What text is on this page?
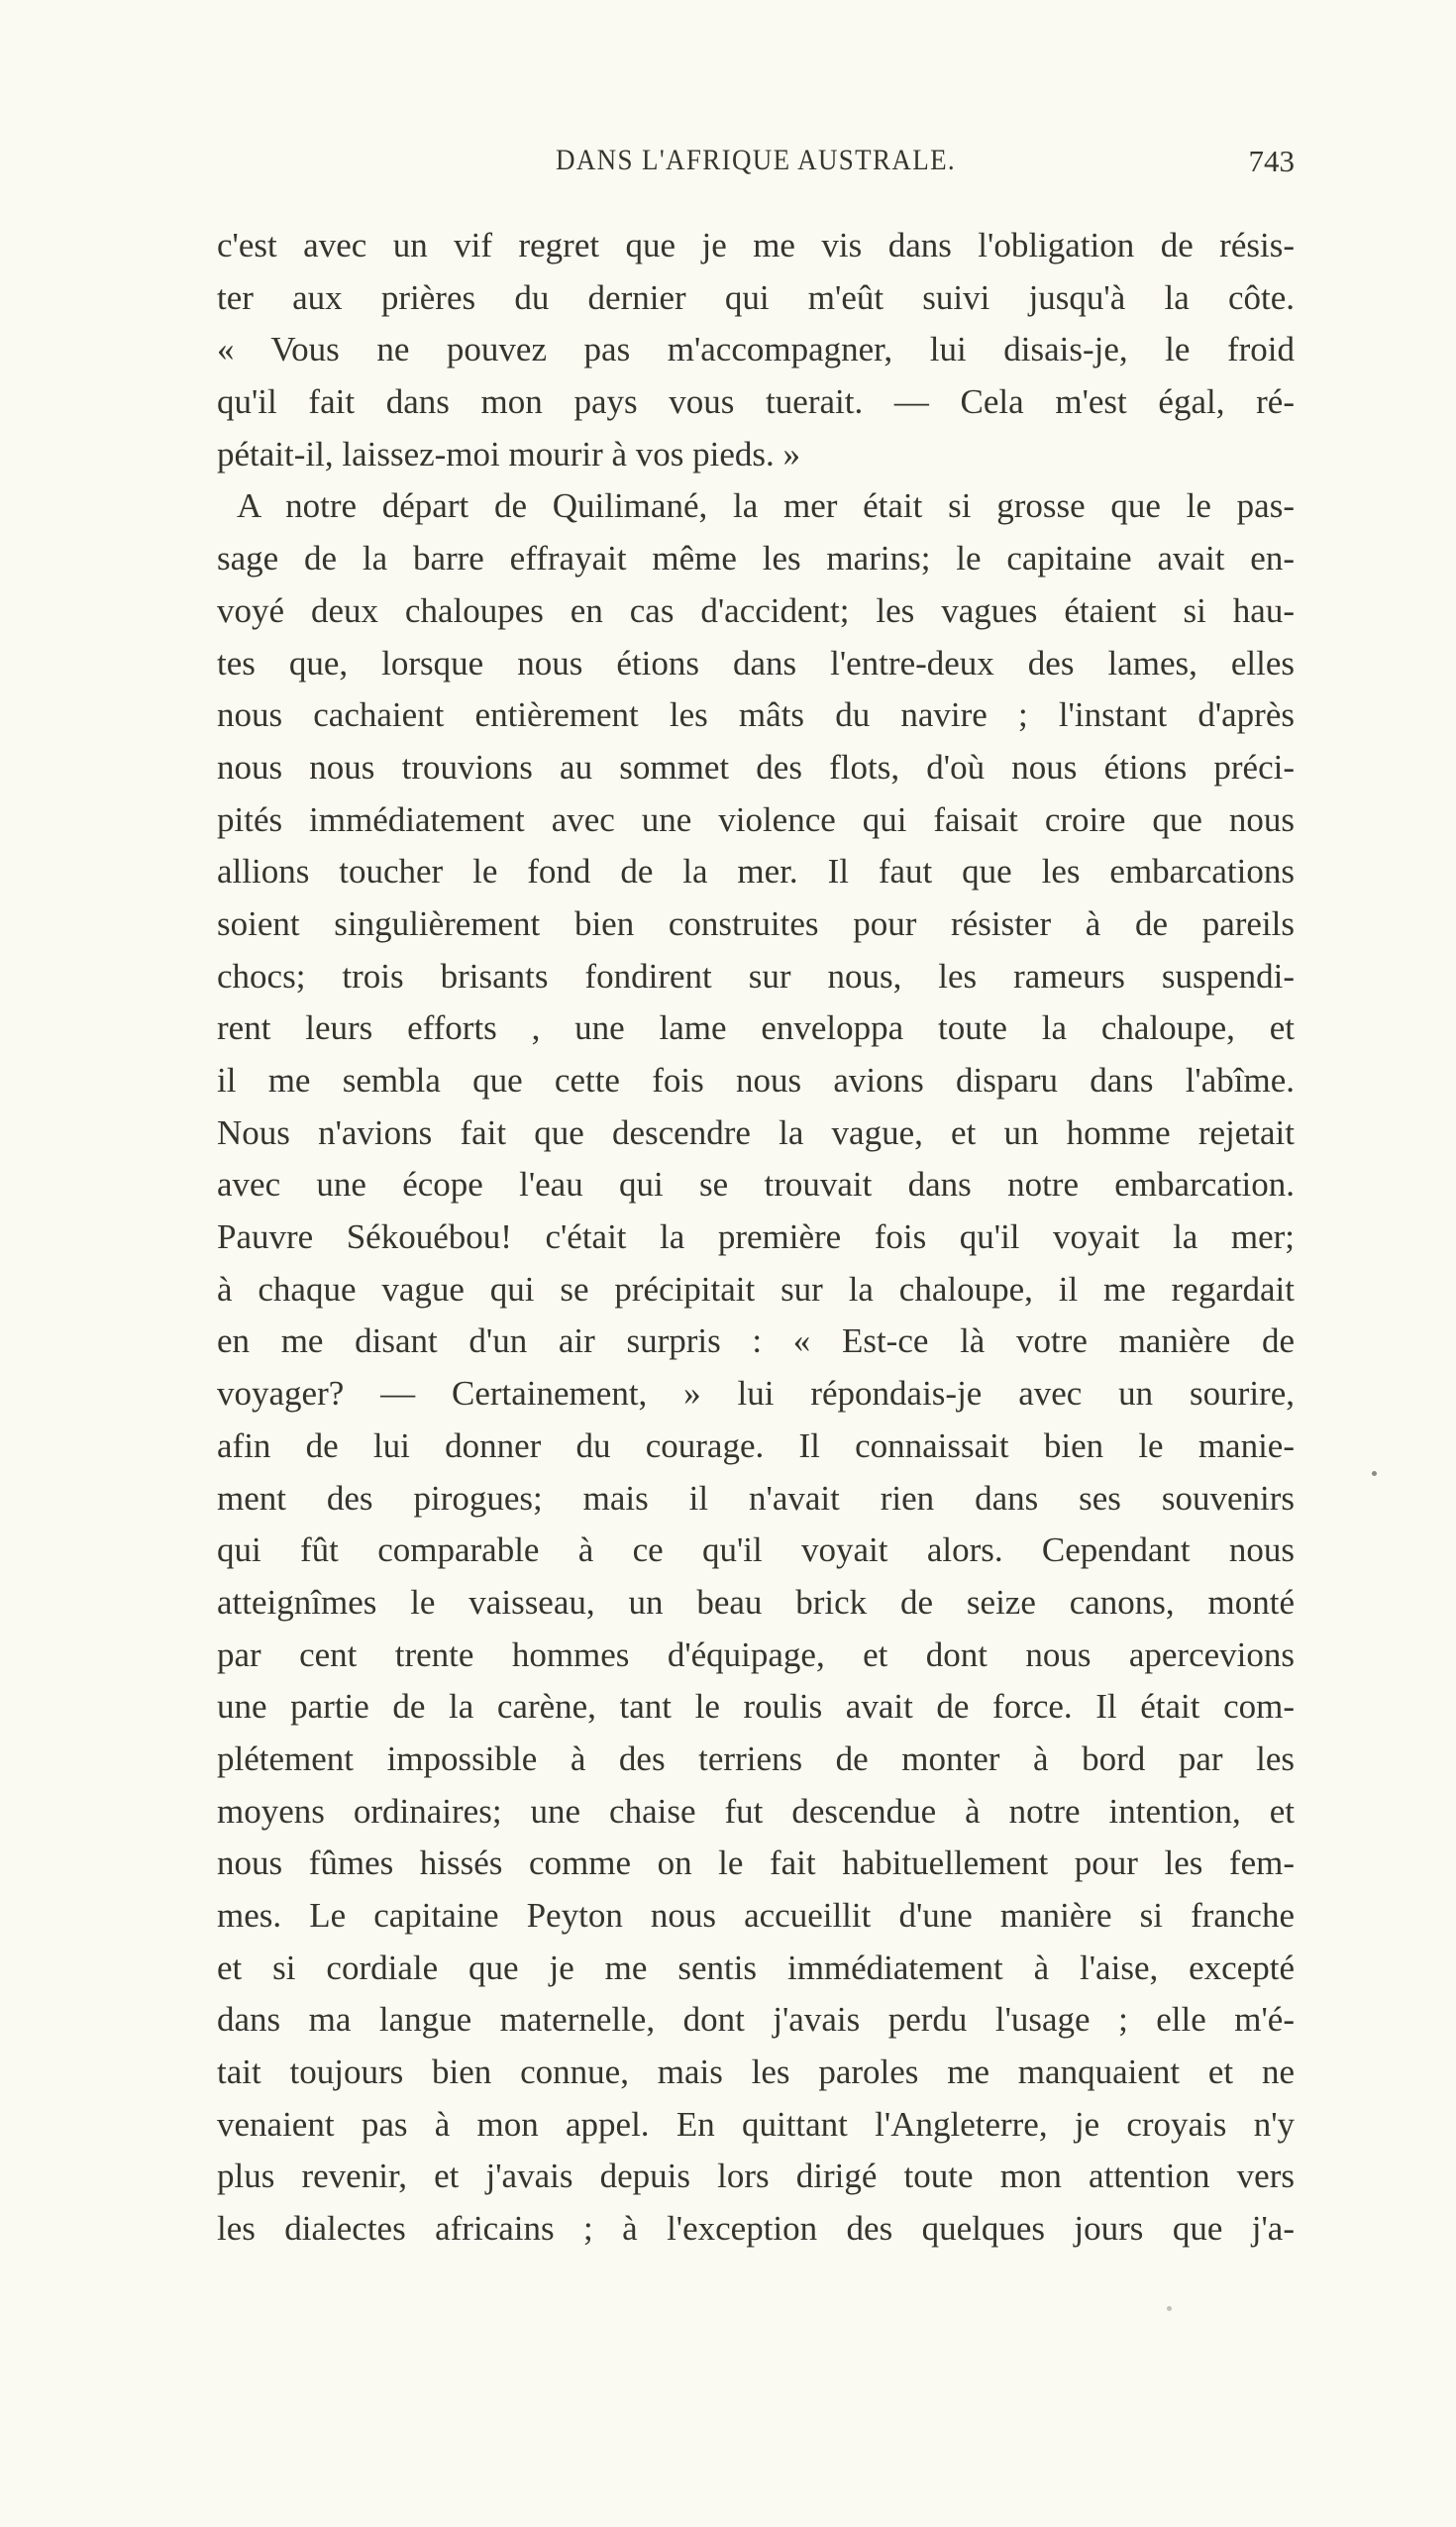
DANS L'AFRIQUE AUSTRALE.	743
c'est avec un vif regret que je me vis dans l'obligation de résis-
ter aux prières du dernier qui m'eût suivi jusqu'à la côte.
« Vous ne pouvez pas m'accompagner, lui disais-je, le froid
qu'il fait dans mon pays vous tuerait. — Cela m'est égal, ré-
pétait-il, laissez-moi mourir à vos pieds. »
A notre départ de Quilimané, la mer était si grosse que le pas-
sage de la barre effrayait même les marins; le capitaine avait en-
voyé deux chaloupes en cas d'accident; les vagues étaient si hau-
tes que, lorsque nous étions dans l'entre-deux des lames, elles
nous cachaient entièrement les mâts du navire ; l'instant d'après
nous nous trouvions au sommet des flots, d'où nous étions préci-
pités immédiatement avec une violence qui faisait croire que nous
allions toucher le fond de la mer. Il faut que les embarcations
soient singulièrement bien construites pour résister à de pareils
chocs; trois brisants fondirent sur nous, les rameurs suspendi-
rent leurs efforts , une lame enveloppa toute la chaloupe, et
il me sembla que cette fois nous avions disparu dans l'abîme.
Nous n'avions fait que descendre la vague, et un homme rejetait
avec une écope l'eau qui se trouvait dans notre embarcation.
Pauvre Sékouébou! c'était la première fois qu'il voyait la mer;
à chaque vague qui se précipitait sur la chaloupe, il me regardait
en me disant d'un air surpris : « Est-ce là votre manière de
voyager? — Certainement, » lui répondais-je avec un sourire,
afin de lui donner du courage. Il connaissait bien le manie-
ment des pirogues; mais il n'avait rien dans ses souvenirs
qui fût comparable à ce qu'il voyait alors. Cependant nous
atteignîmes le vaisseau, un beau brick de seize canons, monté
par cent trente hommes d'équipage, et dont nous apercevions
une partie de la carène, tant le roulis avait de force. Il était com-
plétement impossible à des terriens de monter à bord par les
moyens ordinaires; une chaise fut descendue à notre intention, et
nous fûmes hissés comme on le fait habituellement pour les fem-
mes. Le capitaine Peyton nous accueillit d'une manière si franche
et si cordiale que je me sentis immédiatement à l'aise, excepté
dans ma langue maternelle, dont j'avais perdu l'usage ; elle m'é-
tait toujours bien connue, mais les paroles me manquaient et ne
venaient pas à mon appel. En quittant l'Angleterre, je croyais n'y
plus revenir, et j'avais depuis lors dirigé toute mon attention vers
les dialectes africains ; à l'exception des quelques jours que j'a-
